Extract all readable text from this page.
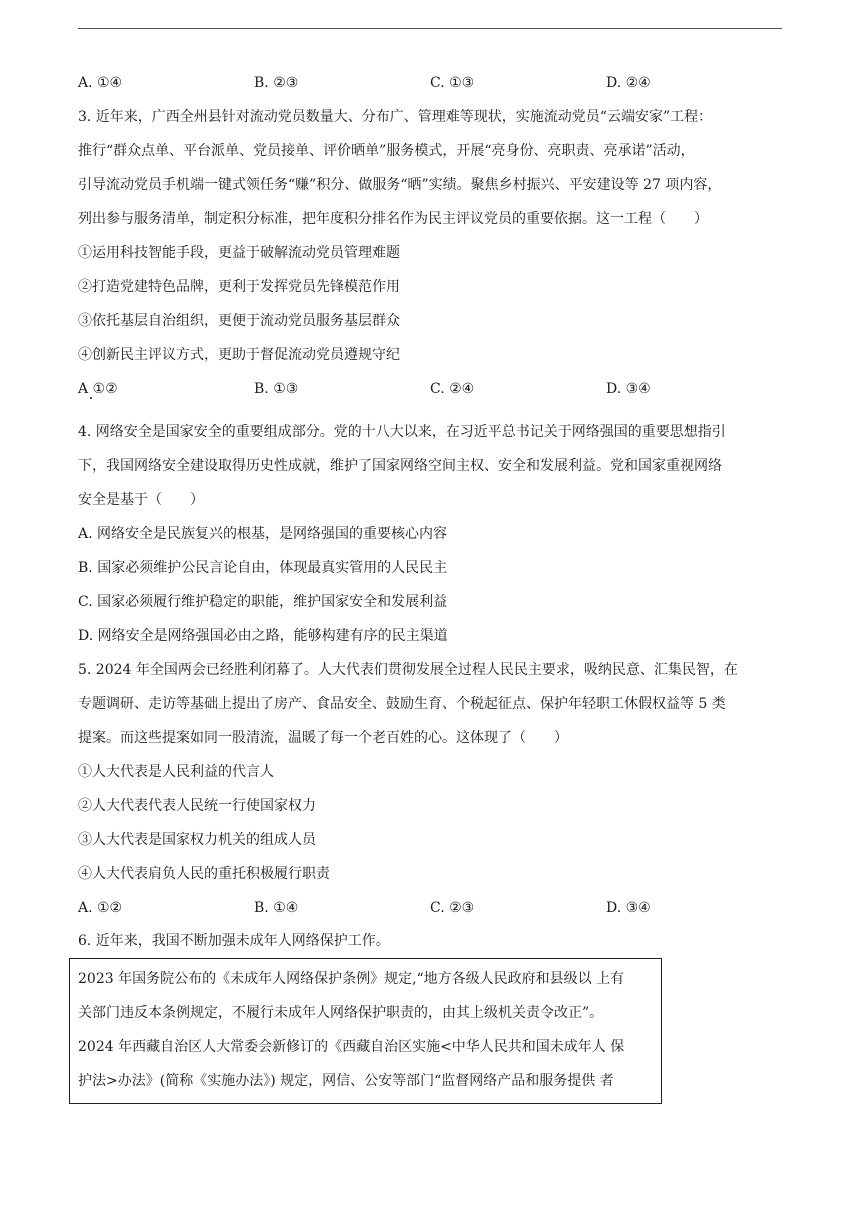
A. ①④	B. ②③	C. ①③	D. ②④
3. 近年来，广西全州县针对流动党员数量大、分布广、管理难等现状，实施流动党员“云端安家”工程：
推行“群众点单、平台派单、党员接单、评价晒单”服务模式，开展“亮身份、亮职责、亮承诺”活动，
引导流动党员手机端一键式领任务“赚”积分、做服务“晒”实绩。聚焦乡村振兴、平安建设等 27 项内容，
列出参与服务清单，制定积分标准，把年度积分排名作为民主评议党员的重要依据。这一工程（　　）
①运用科技智能手段，更益于破解流动党员管理难题
②打造党建特色品牌，更利于发挥党员先锋模范作用
③依托基层自治组织，更便于流动党员服务基层群众
④创新民主评议方式，更助于督促流动党员遵规守纪
A ①②	B. ①③	C. ②④	D. ③④
4. 网络安全是国家安全的重要组成部分。党的十八大以来，在习近平总书记关于网络强国的重要思想指引
下，我国网络安全建设取得历史性成就，维护了国家网络空间主权、安全和发展利益。党和国家重视网络
安全是基于（　　）
A. 网络安全是民族复兴的根基，是网络强国的重要核心内容
B. 国家必须维护公民言论自由，体现最真实管用的人民民主
C. 国家必须履行维护稳定的职能，维护国家安全和发展利益
D. 网络安全是网络强国必由之路，能够构建有序的民主渠道
5. 2024 年全国两会已经胜利闭幕了。人大代表们贯彻发展全过程人民民主要求，吸纳民意、汇集民智，在
专题调研、走访等基础上提出了房产、食品安全、鼓励生育、个税起征点、保护年轻职工休假权益等 5 类
提案。而这些提案如同一股清流，温暖了每一个老百姓的心。这体现了（　　）
①人大代表是人民利益的代言人
②人大代表代表人民统一行使国家权力
③人大代表是国家权力机关的组成人员
④人大代表肩负人民的重托积极履行职责
A. ①②	B. ①④	C. ②③	D. ③④
6. 近年来，我国不断加强未成年人网络保护工作。
2023 年国务院公布的《未成年人网络保护条例》规定,“地方各级人民政府和县级以 上有
关部门违反本条例规定，不履行未成年人网络保护职责的，由其上级机关责令改正”。
2024 年西藏自治区人大常委会新修订的《西藏自治区实施<中华人民共和国未成年人 保
护法>办法》(简称《实施办法》) 规定，网信、公安等部门“监督网络产品和服务提供 者
